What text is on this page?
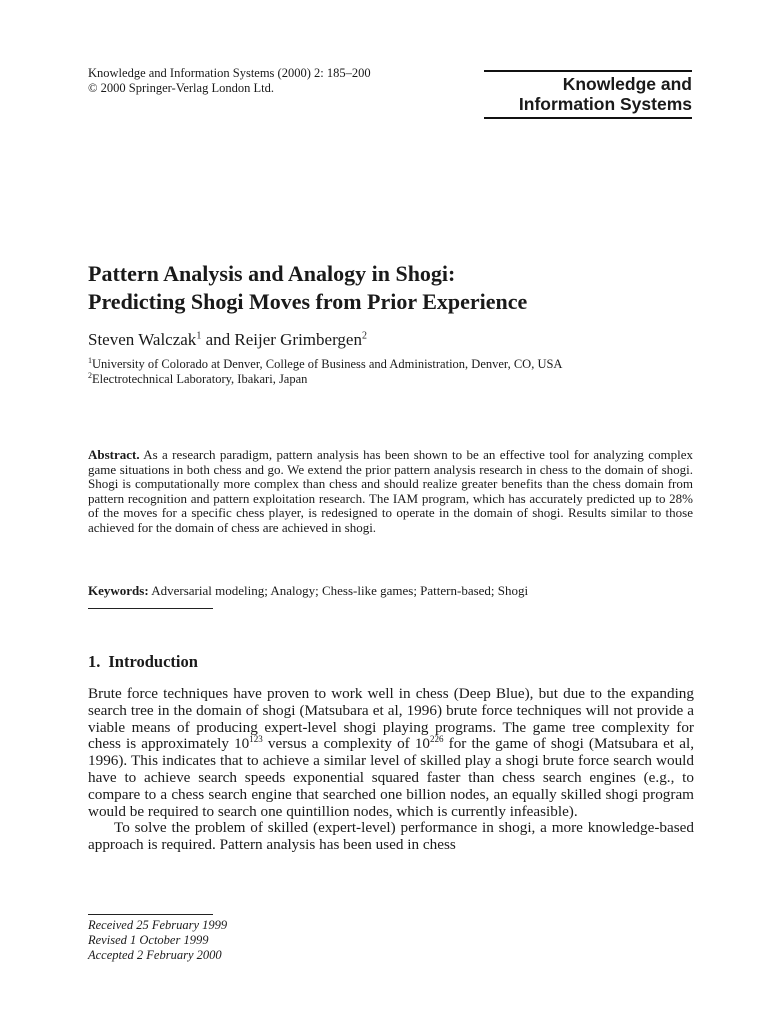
Knowledge and Information Systems (2000) 2: 185–200
© 2000 Springer-Verlag London Ltd.	Knowledge and
Information Systems
Pattern Analysis and Analogy in Shogi:
Predicting Shogi Moves from Prior Experience
Steven Walczak$^1$ and Reijer Grimbergen$^2$
$^1$University of Colorado at Denver, College of Business and Administration, Denver, CO, USA
$^2$Electrotechnical Laboratory, Ibakari, Japan
Abstract. As a research paradigm, pattern analysis has been shown to be an effective tool for analyzing complex game situations in both chess and go. We extend the prior pattern analysis research in chess to the domain of shogi. Shogi is computationally more complex than chess and should realize greater benefits than the chess domain from pattern recognition and pattern exploitation research. The IAM program, which has accurately predicted up to 28% of the moves for a specific chess player, is redesigned to operate in the domain of shogi. Results similar to those achieved for the domain of chess are achieved in shogi.
Keywords: Adversarial modeling; Analogy; Chess-like games; Pattern-based; Shogi
1. Introduction

Brute force techniques have proven to work well in chess (Deep Blue), but due to the expanding search tree in the domain of shogi (Matsubara et al, 1996) brute force techniques will not provide a viable means of producing expert-level shogi playing programs. The game tree complexity for chess is approximately $10^{123}$ versus a complexity of $10^{226}$ for the game of shogi (Matsubara et al, 1996). This indicates that to achieve a similar level of skilled play a shogi brute force search would have to achieve search speeds exponential squared faster than chess search engines (e.g., to compare to a chess search engine that searched one billion nodes, an equally skilled shogi program would be required to search one quintillion nodes, which is currently infeasible).

To solve the problem of skilled (expert-level) performance in shogi, a more knowledge-based approach is required. Pattern analysis has been used in chess

Received 25 February 1999
Revised 1 October 1999
Accepted 2 February 2000
